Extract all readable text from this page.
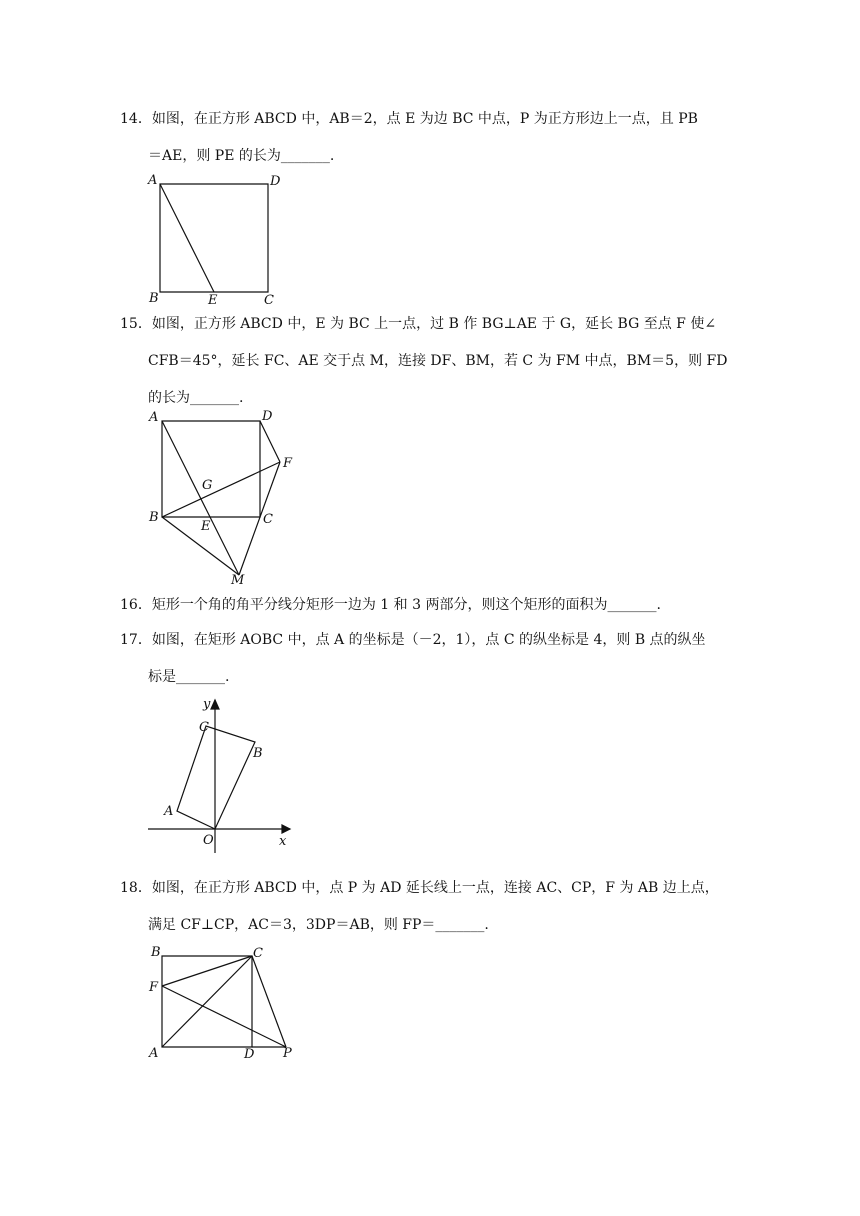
14．如图，在正方形 ABCD 中，AB＝2，点 E 为边 BC 中点，P 为正方形边上一点，且 PB

＝AE，则 PE 的长为_______.

A	D
B	E	C

15．如图，正方形 ABCD 中，E 为 BC 上一点，过 B 作 BG⊥AE 于 G，延长 BG 至点 F 使∠

CFB＝45°，延长 FC、AE 交于点 M，连接 DF、BM，若 C 为 FM 中点，BM＝5，则 FD

的长为_______.

A	D
F
G
B
E	C
M

16．矩形一个角的角平分线分矩形一边为 1 和 3 两部分，则这个矩形的面积为_______.

17．如图，在矩形 AOBC 中，点 A 的坐标是（－2，1），点 C 的纵坐标是 4，则 B 点的纵坐

标是_______.

y
C
B
A
O	x

18．如图，在正方形 ABCD 中，点 P 为 AD 延长线上一点，连接 AC、CP，F 为 AB 边上点，

满足 CF⊥CP，AC＝3，3DP＝AB，则 FP＝_______.

B	C
F
A	D P
